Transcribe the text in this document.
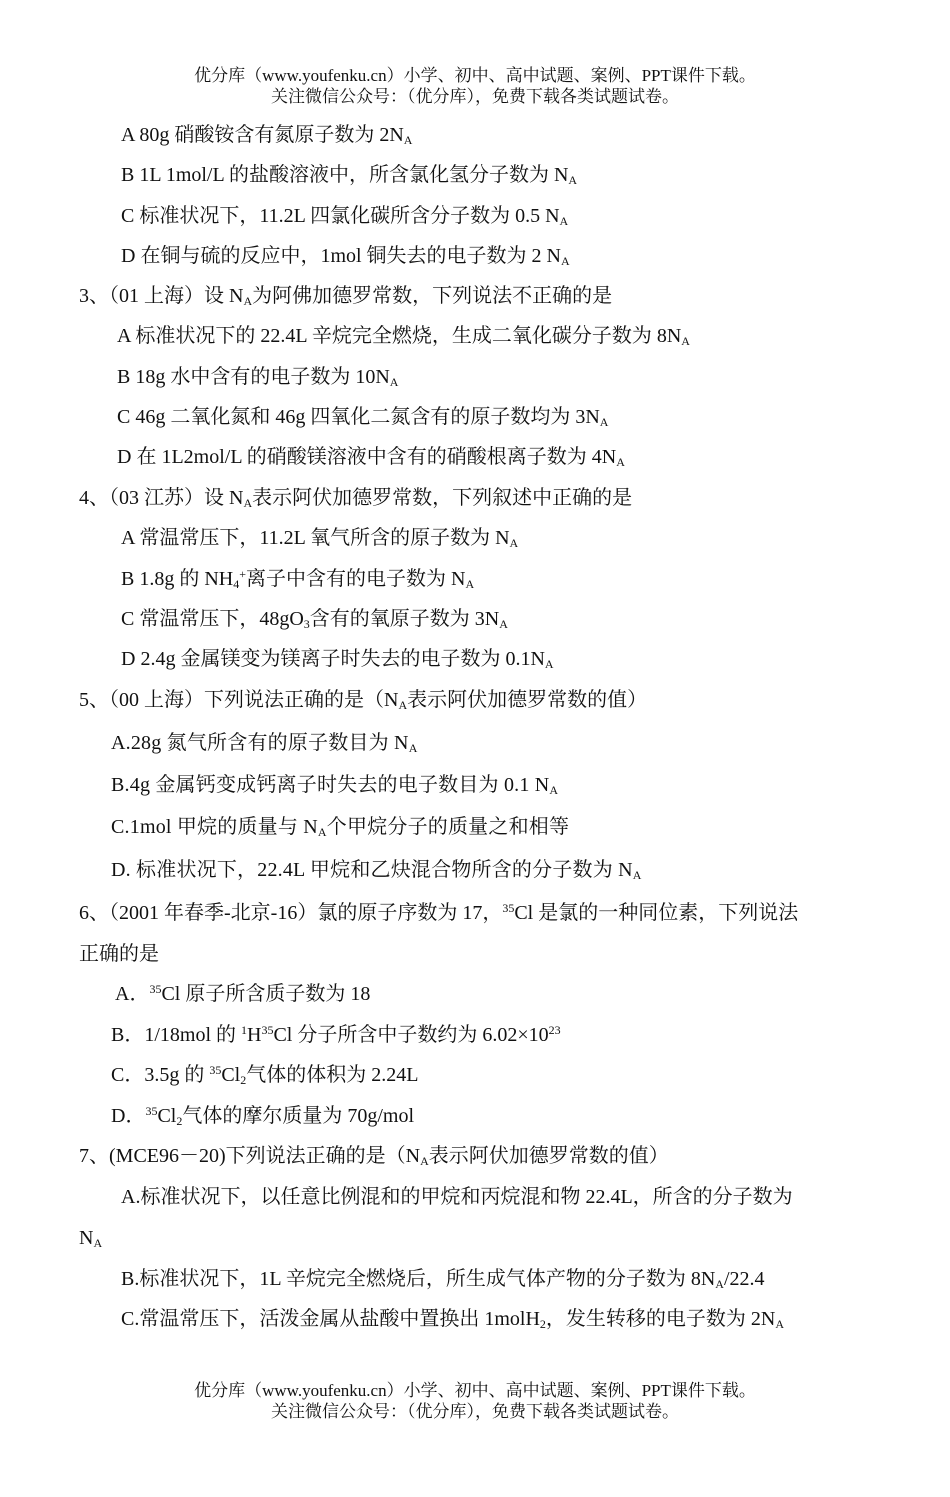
优分库（www.youfenku.cn）小学、初中、高中试题、案例、PPT课件下载。
关注微信公众号：（优分库），免费下载各类试题试卷。
A 80g 硝酸铵含有氮原子数为 $2N_A$
B 1L 1mol/L 的盐酸溶液中，所含氯化氢分子数为 $N_A$
C 标准状况下，11.2L 四氯化碳所含分子数为 0.5 $N_A$
D 在铜与硫的反应中，1mol 铜失去的电子数为 2 $N_A$
3、（01 上海）设 $N_A$为阿佛加德罗常数，下列说法不正确的是
A 标准状况下的 22.4L 辛烷完全燃烧，生成二氧化碳分子数为 $8N_A$
B 18g 水中含有的电子数为 $10N_A$
C 46g 二氧化氮和 46g 四氧化二氮含有的原子数均为 $3N_A$
D 在 1L2mol/L 的硝酸镁溶液中含有的硝酸根离子数为 $4N_A$
4、（03 江苏）设 $N_A$表示阿伏加德罗常数，下列叙述中正确的是
A 常温常压下，11.2L 氧气所含的原子数为 $N_A$
B 1.8g 的 $NH_4^+$离子中含有的电子数为 $N_A$
C 常温常压下，$48gO_3$含有的氧原子数为 $3N_A$
D 2.4g 金属镁变为镁离子时失去的电子数为 $0.1N_A$
5、（00 上海）下列说法正确的是（$N_A$表示阿伏加德罗常数的值）
A.28g 氮气所含有的原子数目为 $N_A$
B.4g 金属钙变成钙离子时失去的电子数目为 0.1 $N_A$
C.1mol 甲烷的质量与 $N_A$个甲烷分子的质量之和相等
D. 标准状况下，22.4L 甲烷和乙炔混合物所含的分子数为 $N_A$
6、（2001 年春季-北京-16）氯的原子序数为 17，$^{35}$Cl 是氯的一种同位素，下列说法
正确的是
A．$^{35}$Cl 原子所含质子数为 18
B．1/18mol 的 $^1H^{35}Cl$ 分子所含中子数约为 $6.02\times 10^{23}$
C．3.5g 的 $^{35}Cl_2$气体的体积为 2.24L
D．$^{35}Cl_2$气体的摩尔质量为 70g/mol
7、(MCE96－20)下列说法正确的是（$N_A$表示阿伏加德罗常数的值）
A.标准状况下，以任意比例混和的甲烷和丙烷混和物 22.4L，所含的分子数为
$N_A$
B.标准状况下，1L 辛烷完全燃烧后，所生成气体产物的分子数为 $8N_A/22.4$
C.常温常压下，活泼金属从盐酸中置换出 1molH$_2$，发生转移的电子数为 $2N_A$
优分库（www.youfenku.cn）小学、初中、高中试题、案例、PPT课件下载。
关注微信公众号：（优分库），免费下载各类试题试卷。
